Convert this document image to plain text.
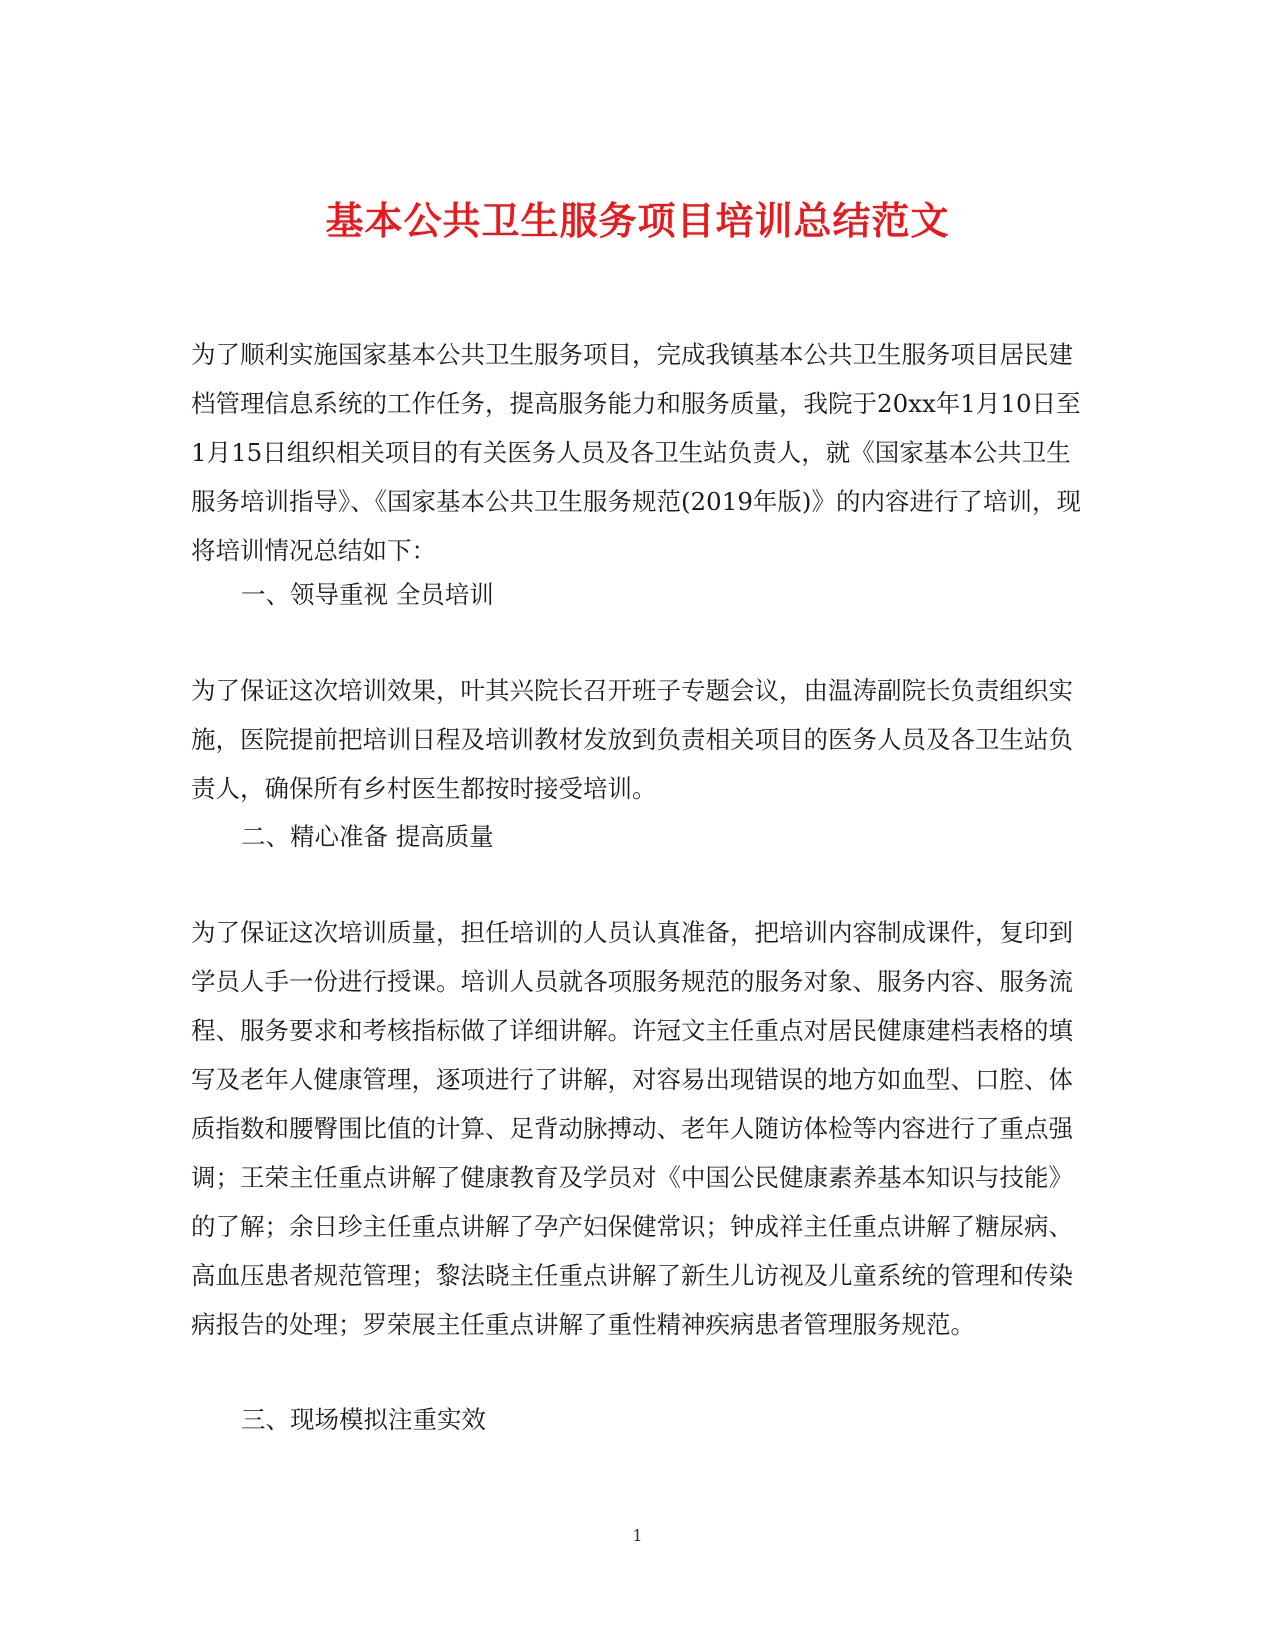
基本公共卫生服务项目培训总结范文

为了顺利实施国家基本公共卫生服务项目，完成我镇基本公共卫生服务项目居民建档管理信息系统的工作任务，提高服务能力和服务质量，我院于20xx年1月10日至1月15日组织相关项目的有关医务人员及各卫生站负责人，就《国家基本公共卫生服务培训指导》、《国家基本公共卫生服务规范(2019年版)》的内容进行了培训，现将培训情况总结如下：

一、领导重视 全员培训

为了保证这次培训效果，叶其兴院长召开班子专题会议，由温涛副院长负责组织实施，医院提前把培训日程及培训教材发放到负责相关项目的医务人员及各卫生站负责人，确保所有乡村医生都按时接受培训。

二、精心准备 提高质量

为了保证这次培训质量，担任培训的人员认真准备，把培训内容制成课件，复印到学员人手一份进行授课。培训人员就各项服务规范的服务对象、服务内容、服务流程、服务要求和考核指标做了详细讲解。许冠文主任重点对居民健康建档表格的填写及老年人健康管理，逐项进行了讲解，对容易出现错误的地方如血型、口腔、体质指数和腰臀围比值的计算、足背动脉搏动、老年人随访体检等内容进行了重点强调；王荣主任重点讲解了健康教育及学员对《中国公民健康素养基本知识与技能》的了解；余日珍主任重点讲解了孕产妇保健常识；钟成祥主任重点讲解了糖尿病、高血压患者规范管理；黎法晓主任重点讲解了新生儿访视及儿童系统的管理和传染病报告的处理；罗荣展主任重点讲解了重性精神疾病患者管理服务规范。

三、现场模拟注重实效

1
